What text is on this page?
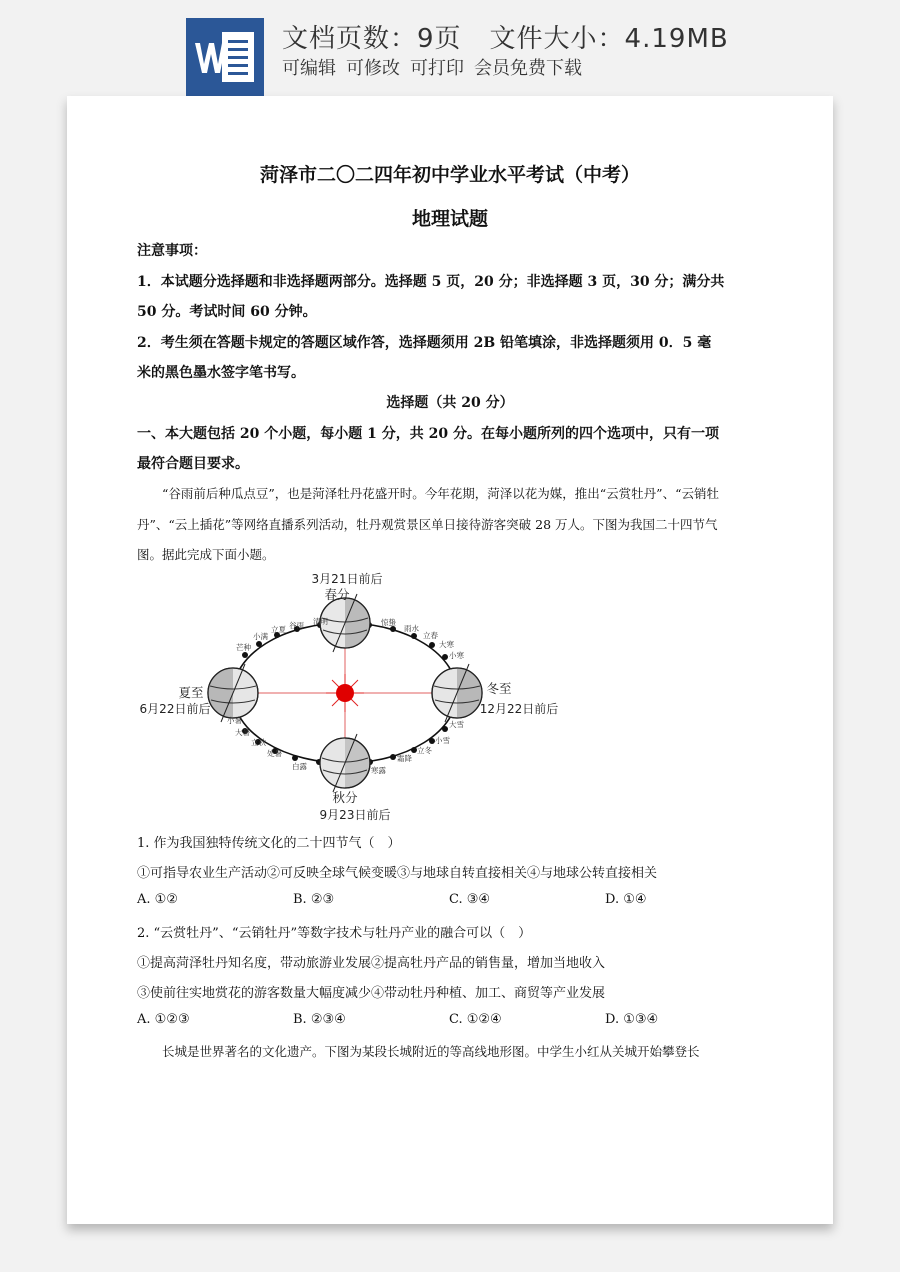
文档页数：9页 文件大小：4.19MB
可编辑 可修改 可打印 会员免费下载
菏泽市二〇二四年初中学业水平考试（中考）
地理试题
注意事项：
1．本试题分选择题和非选择题两部分。选择题 5 页，20 分；非选择题 3 页，30 分；满分共
50 分。考试时间 60 分钟。
2．考生须在答题卡规定的答题区域作答，选择题须用 2B 铅笔填涂，非选择题须用 0．5 毫
米的黑色墨水签字笔书写。
选择题（共 20 分）
一、本大题包括 20 个小题，每小题 1 分，共 20 分。在每小题所列的四个选项中，只有一项
最符合题目要求。
“谷雨前后种瓜点豆”，也是菏泽牡丹花盛开时。今年花期，菏泽以花为媒，推出“云赏牡丹”、“云销牡
丹”、“云上插花”等网络直播系列活动，牡丹观赏景区单日接待游客突破 28 万人。下图为我国二十四节气
图。据此完成下面小题。
3月21日前后
春分
夏至
6月22日前后
冬至
12月22日前后
秋分
9月23日前后
清明
谷雨
立夏
小满
芒种
惊蛰
雨水
立春
大寒
小寒
小暑
大暑
立秋
处暑
白露
大雪
小雪
立冬
霜降
寒露
1. 作为我国独特传统文化的二十四节气（　）
①可指导农业生产活动②可反映全球气候变暖③与地球自转直接相关④与地球公转直接相关
A. ①②	B. ②③	C. ③④	D. ①④
2. “云赏牡丹”、“云销牡丹”等数字技术与牡丹产业的融合可以（　）
①提高菏泽牡丹知名度，带动旅游业发展②提高牡丹产品的销售量，增加当地收入
③使前往实地赏花的游客数量大幅度减少④带动牡丹种植、加工、商贸等产业发展
A. ①②③	B. ②③④	C. ①②④	D. ①③④
长城是世界著名的文化遗产。下图为某段长城附近的等高线地形图。中学生小红从关城开始攀登长
